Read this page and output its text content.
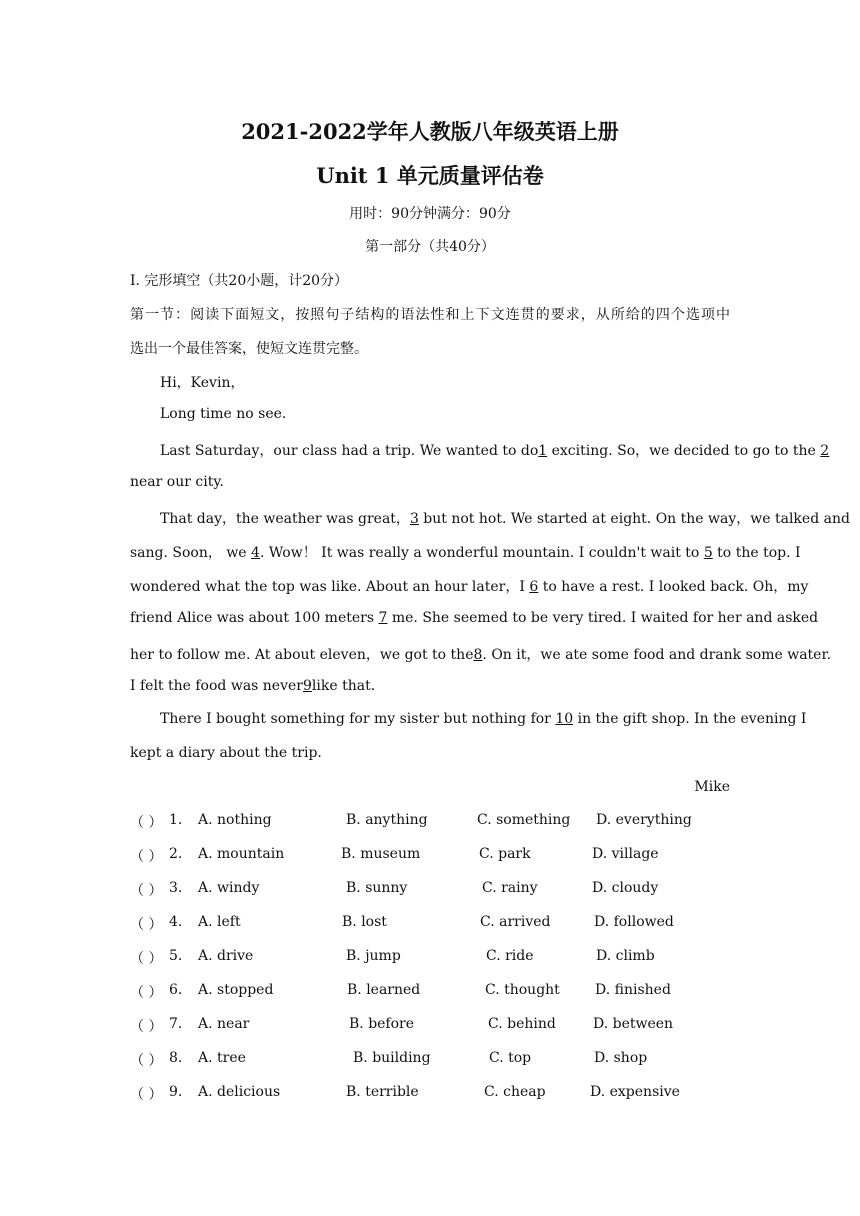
2021-2022学年人教版八年级英语上册
Unit 1 单元质量评估卷
用时：90分钟满分：90分
第一部分（共40分）
I. 完形填空（共20小题，计20分）
第一节：阅读下面短文，按照句子结构的语法性和上下文连贯的要求，从所给的四个选项中
选出一个最佳答案，使短文连贯完整。
Hi，Kevin，
Long time no see.
Last Saturday，our class had a trip. We wanted to do1 exciting. So，we decided to go to the 2
near our city.
That day，the weather was great，3 but not hot. We started at eight. On the way，we talked and
sang. Soon， we 4. Wow！ It was really a wonderful mountain. I couldn't wait to 5 to the top. I
wondered what the top was like. About an hour later，I 6 to have a rest. I looked back. Oh，my
friend Alice was about 100 meters 7 me. She seemed to be very tired. I waited for her and asked
her to follow me. At about eleven，we got to the8. On it，we ate some food and drank some water.
I felt the food was never9like that.
There I bought something for my sister but nothing for 10 in the gift shop. In the evening I
kept a diary about the trip.
Mike
（ ） 1. A. nothing	B. anything	C. something D. everything
（ ） 2. A. mountain	B. museum	C. park	D. village
（ ） 3. A. windy	B. sunny	C. rainy	D. cloudy
（ ） 4. A. left	B. lost	C. arrived	D. followed
（ ） 5. A. drive	B. jump	C. ride	D. climb
（ ） 6. A. stopped	B. learned	C. thought	D. finished
（ ） 7. A. near	B. before	C. behind	D. between
（ ） 8. A. tree	B. building	C. top	D. shop
（ ） 9. A. delicious	B. terrible	C. cheap	D. expensive
